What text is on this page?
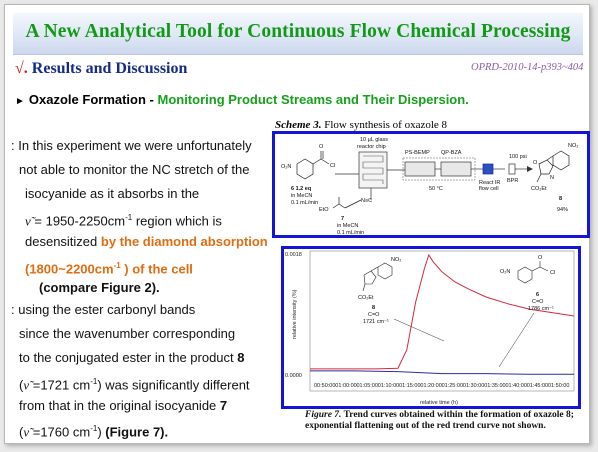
A New Analytical Tool for Continuous Flow Chemical Processing
√. Results and Discussion	OPRD-2010-14-p393~404
► Oxazole Formation - Monitoring Product Streams and Their Dispersion.
: In this experiment we were unfortunately
not able to monitor the NC stretch of the
isocyanide as it absorbs in the
ν̃ = $1950-2250cm^{-1}$ region which is
desensitized by the diamond absorption
($1800\sim 2200cm^{-1}$ ) of the cell
(compare Figure 2).
: using the ester carbonyl bands
since the wavenumber corresponding
to the conjugated ester in the product 8
(ν̃ =1721 $cm^{-1}$) was significantly different
from that in the original isocyanide 7
(ν̃ =1760 $cm^{-1}$) (Figure 7).
Scheme 3. Flow synthesis of oxazole 8
O₂N
O
Cl
6 1.2 eq
in MeCN
0.1 mL/min
EtO
N≡C
7
in MeCN
0.1 mL/min
10 μL glass
reactor chip
PS-BEMP QP-BZA
50 °C
React IR
flow cell
100 psi
BPR
O
N
NO₂
CO₂Et
8
94%
0.0018
0.0000
relative intensity (%)
relative time (h)
00:50:00 01:00:00 01:05:00 01:10:00 01:15:00 01:20:00 01:25:00 01:30:00 01:35:00 01:40:00 01:45:00 01:50:00
NO₂
CO₂Et
8
C=O
1721 cm⁻¹
O₂N
O
Cl
6
C=O
1786 cm⁻¹
Figure 7. Trend curves obtained within the formation of oxazole 8; exponential flattening out of the red trend curve not shown.
